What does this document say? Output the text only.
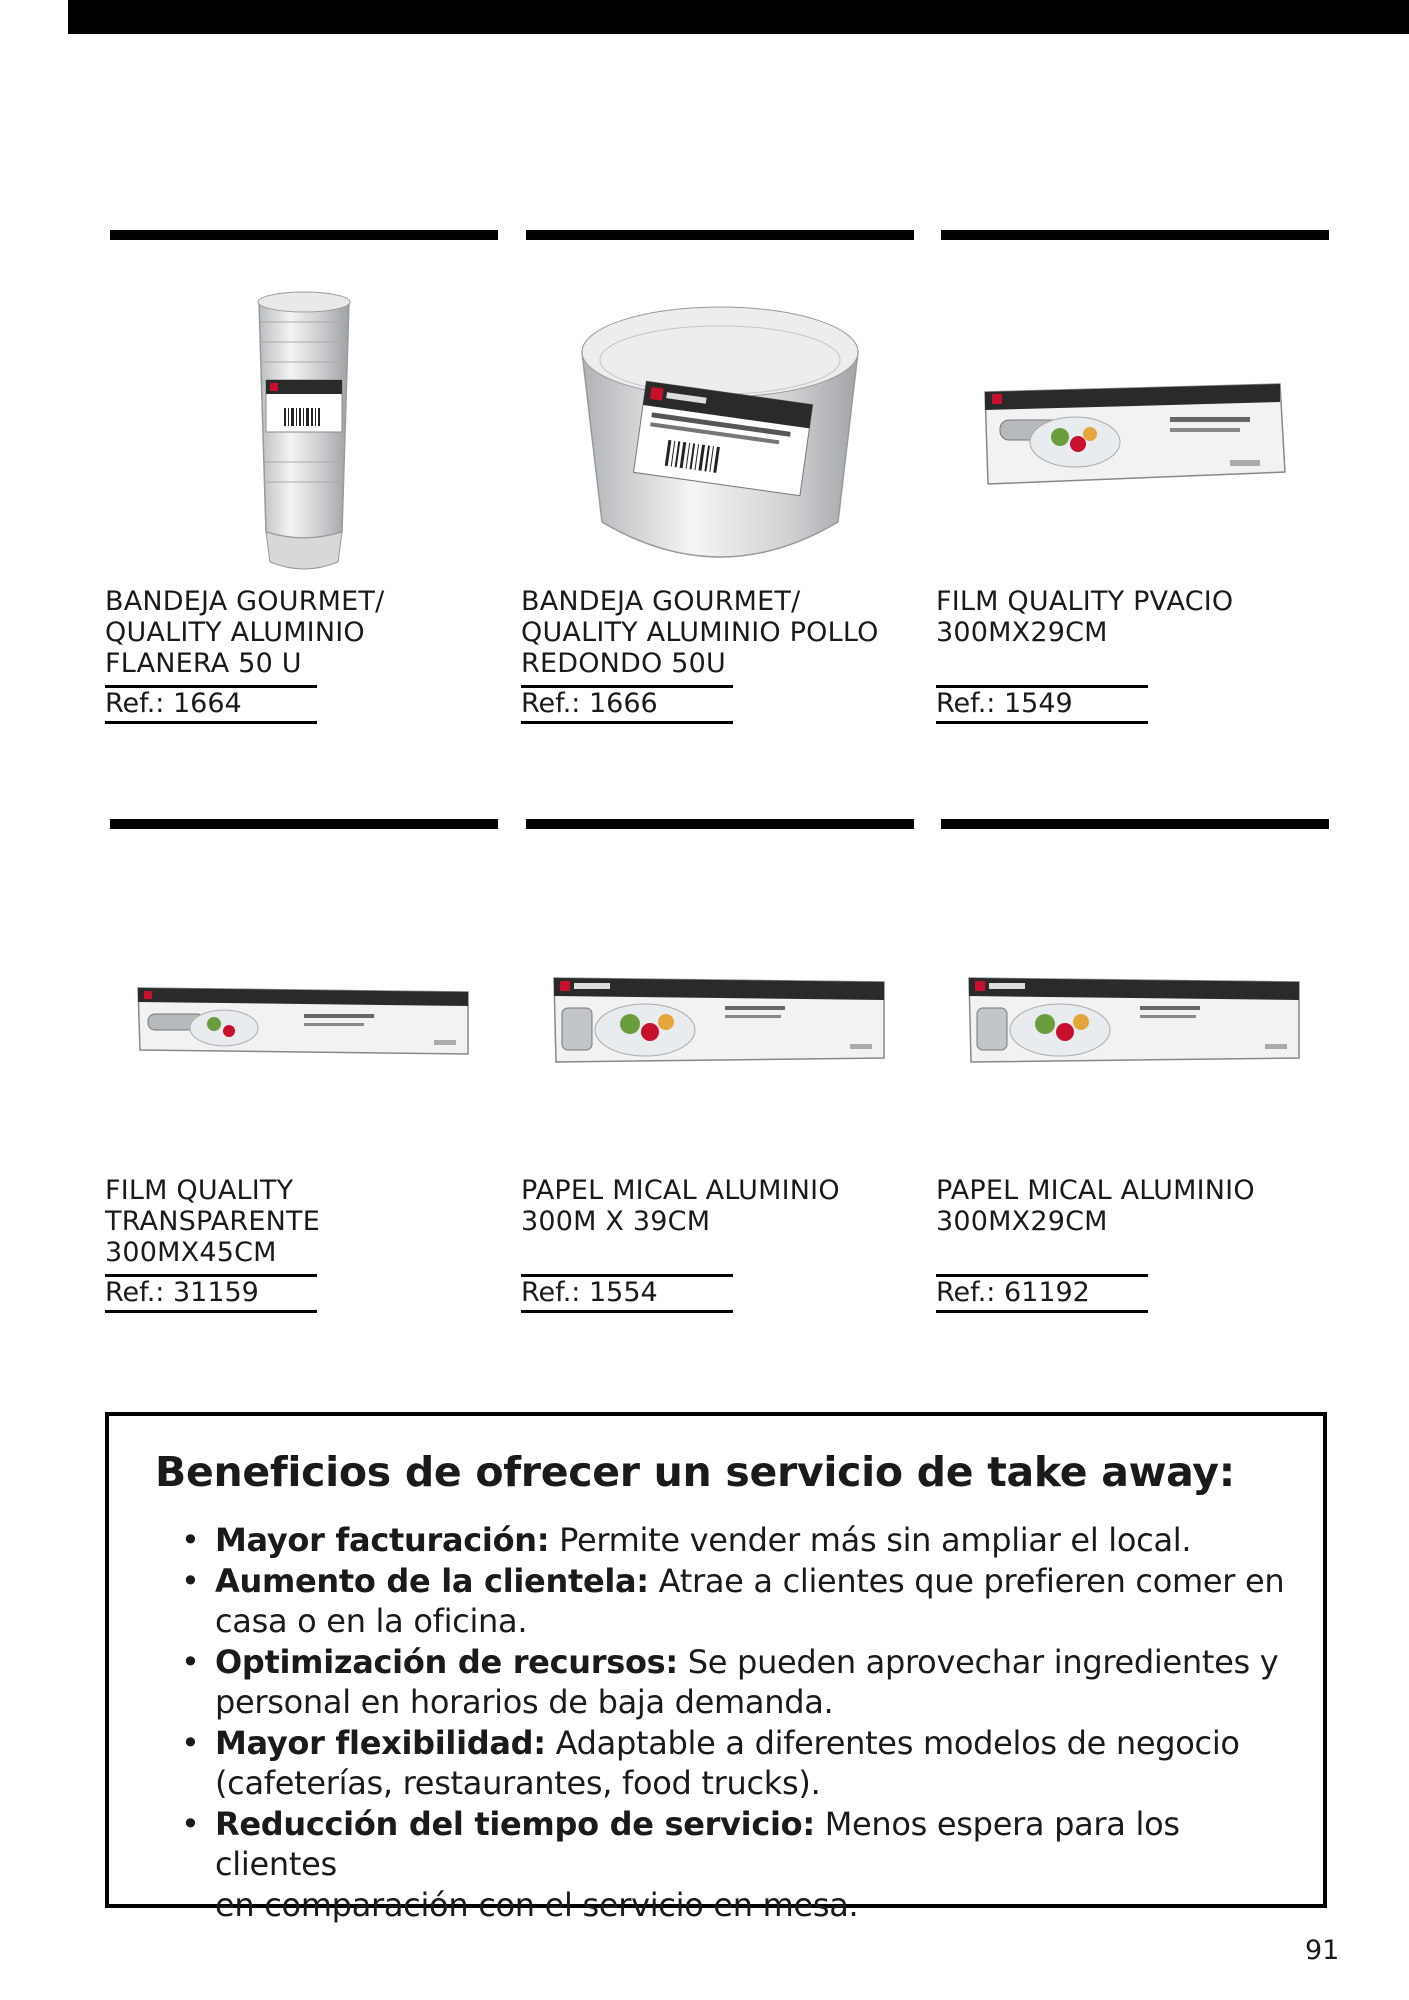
BANDEJA GOURMET/
QUALITY ALUMINIO
FLANERA 50 U
Ref.: 1664
BANDEJA GOURMET/
QUALITY ALUMINIO POLLO
REDONDO 50U
Ref.: 1666
FILM QUALITY PVACIO
300MX29CM
Ref.: 1549
FILM QUALITY
TRANSPARENTE
300MX45CM
Ref.: 31159
PAPEL MICAL ALUMINIO
300M X 39CM
Ref.: 1554
PAPEL MICAL ALUMINIO
300MX29CM
Ref.: 61192
Beneficios de ofrecer un servicio de take away:
• Mayor facturación: Permite vender más sin ampliar el local.
• Aumento de la clientela: Atrae a clientes que prefieren comer en
casa o en la oficina.
• Optimización de recursos: Se pueden aprovechar ingredientes y
personal en horarios de baja demanda.
• Mayor flexibilidad: Adaptable a diferentes modelos de negocio
(cafeterías, restaurantes, food trucks).
• Reducción del tiempo de servicio: Menos espera para los clientes
en comparación con el servicio en mesa.
91
